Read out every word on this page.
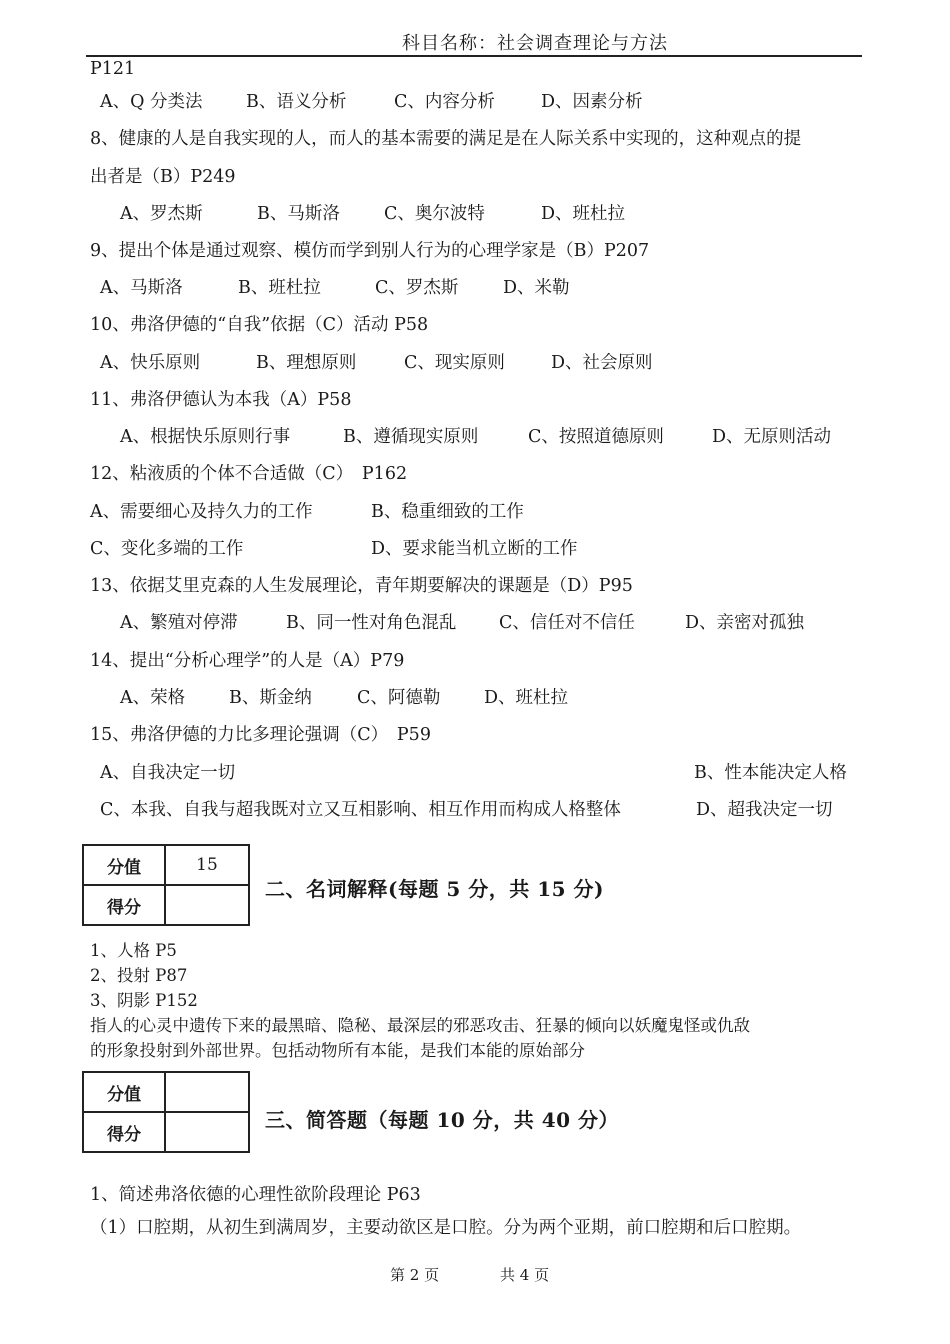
科目名称：社会调查理论与方法
P121
A、Q 分类法 B、语义分析	C、内容分析	D、因素分析
8、健康的人是自我实现的人，而人的基本需要的满足是在人际关系中实现的，这种观点的提
出者是（B）P249
A、罗杰斯	B、马斯洛	C、奥尔波特	D、班杜拉
9、提出个体是通过观察、模仿而学到别人行为的心理学家是（B）P207
A、马斯洛	B、班杜拉	C、罗杰斯	D、米勒
10、弗洛伊德的“自我”依据（C）活动 P58
A、快乐原则	B、理想原则	C、现实原则	D、社会原则
11、弗洛伊德认为本我（A）P58
A、根据快乐原则行事	B、遵循现实原则	C、按照道德原则	D、无原则活动
12、粘液质的个体不合适做（C）　P162
A、需要细心及持久力的工作	B、稳重细致的工作
C、变化多端的工作	D、要求能当机立断的工作
13、依据艾里克森的人生发展理论，青年期要解决的课题是（D）P95
A、繁殖对停滞	B、同一性对角色混乱 C、信任对不信任	D、亲密对孤独
14、提出“分析心理学”的人是（A）P79
A、荣格	B、斯金纳	C、阿德勒 D、班杜拉
15、弗洛伊德的力比多理论强调（C）　P59
A、自我决定一切	B、性本能决定人格
C、本我、自我与超我既对立又互相影响、相互作用而构成人格整体	D、超我决定一切
分值	15
得分	
二、名词解释(每题 5 分，共 15 分)
1、人格 P5
2、投射 P87
3、阴影 P152
指人的心灵中遗传下来的最黑暗、隐秘、最深层的邪恶攻击、狂暴的倾向以妖魔鬼怪或仇敌
的形象投射到外部世界。包括动物所有本能，是我们本能的原始部分
分值	
得分	
三、简答题（每题 10 分，共 40 分）
1、简述弗洛依德的心理性欲阶段理论 P63
（1）口腔期，从初生到满周岁，主要动欲区是口腔。分为两个亚期，前口腔期和后口腔期。
第 2 页	共 4 页
